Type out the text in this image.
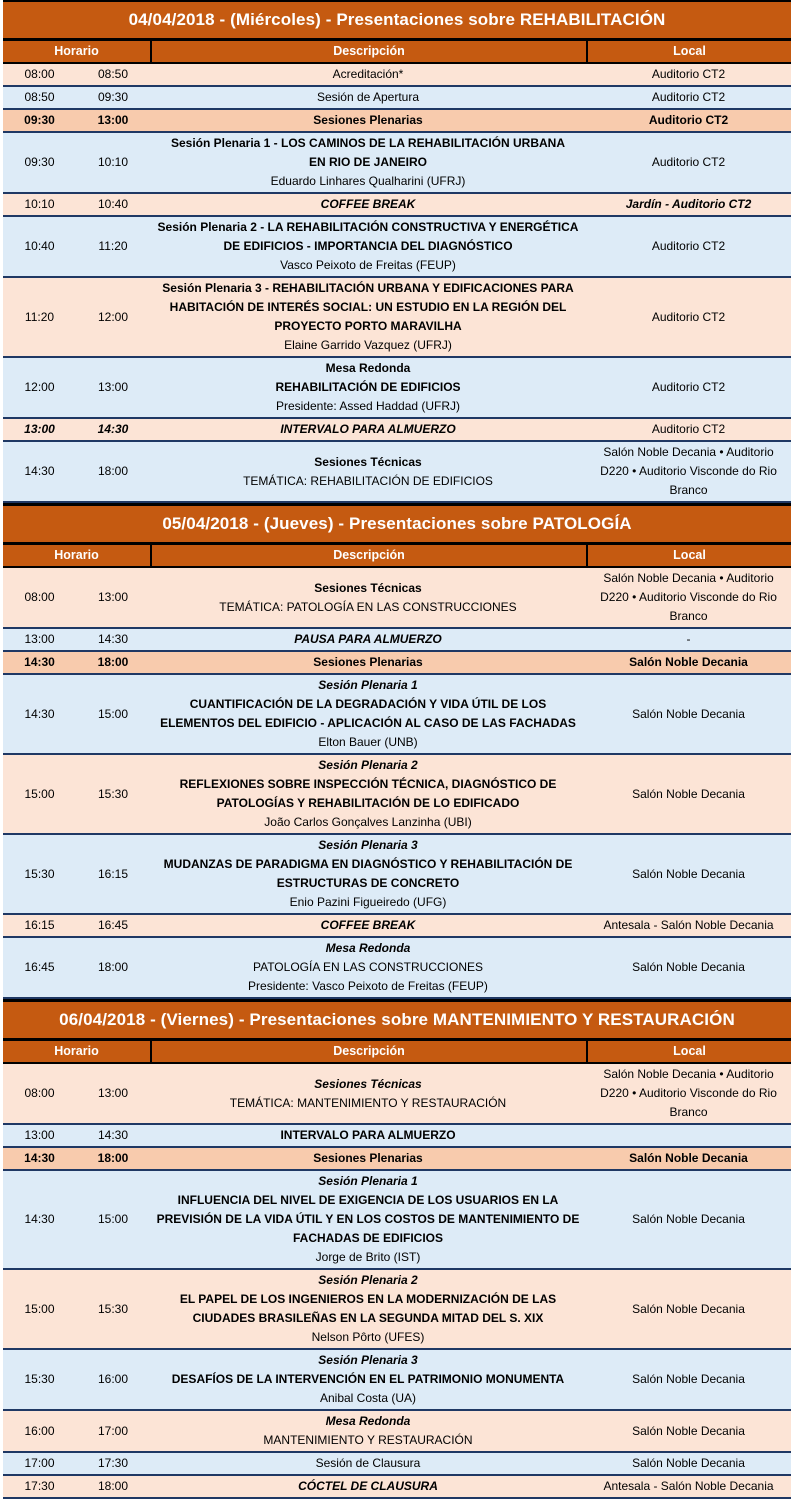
04/04/2018 - (Miércoles) - Presentaciones sobre REHABILITACIÓN
Horario	Descripción	Local
08:00	08:50	Acreditación*	Auditorio CT2
08:50	09:30	Sesión de Apertura	Auditorio CT2
09:30	13:00	Sesiones Plenarias	Auditorio CT2
09:30	10:10
Sesión Plenaria 1 - LOS CAMINOS DE LA REHABILITACIÓN URBANA
EN RIO DE JANEIRO
Eduardo Linhares Qualharini (UFRJ)
Auditorio CT2
10:10	10:40	COFFEE BREAK	Jardín - Auditorio CT2
10:40	11:20
Sesión Plenaria 2 - LA REHABILITACIÓN CONSTRUCTIVA Y ENERGÉTICA
DE EDIFICIOS - IMPORTANCIA DEL DIAGNÓSTICO
Vasco Peixoto de Freitas (FEUP)
Auditorio CT2
11:20	12:00
Sesión Plenaria 3 - REHABILITACIÓN URBANA Y EDIFICACIONES PARA
HABITACIÓN DE INTERÉS SOCIAL: UN ESTUDIO EN LA REGIÓN DEL
PROYECTO PORTO MARAVILHA
Elaine Garrido Vazquez (UFRJ)
Auditorio CT2
12:00	13:00
Mesa Redonda
REHABILITACIÓN DE EDIFICIOS
Presidente: Assed Haddad (UFRJ)
Auditorio CT2
13:00	14:30	INTERVALO PARA ALMUERZO	Auditorio CT2
14:30	18:00
Sesiones Técnicas
TEMÁTICA: REHABILITACIÓN DE EDIFICIOS
Salón Noble Decania • Auditorio D220 • Auditorio Visconde do Rio Branco
05/04/2018 - (Jueves) - Presentaciones sobre PATOLOGÍA
Horario	Descripción	Local
08:00	13:00
Sesiones Técnicas
TEMÁTICA: PATOLOGÍA EN LAS CONSTRUCCIONES
Salón Noble Decania • Auditorio D220 • Auditorio Visconde do Rio Branco
13:00	14:30	PAUSA PARA ALMUERZO	-
14:30	18:00	Sesiones Plenarias	Salón Noble Decania
14:30	15:00
Sesión Plenaria 1
CUANTIFICACIÓN DE LA DEGRADACIÓN Y VIDA ÚTIL DE LOS
ELEMENTOS DEL EDIFICIO - APLICACIÓN AL CASO DE LAS FACHADAS
Elton Bauer (UNB)
Salón Noble Decania
15:00	15:30
Sesión Plenaria 2
REFLEXIONES SOBRE INSPECCIÓN TÉCNICA, DIAGNÓSTICO DE
PATOLOGÍAS Y REHABILITACIÓN DE LO EDIFICADO
João Carlos Gonçalves Lanzinha (UBI)
Salón Noble Decania
15:30	16:15
Sesión Plenaria 3
MUDANZAS DE PARADIGMA EN DIAGNÓSTICO Y REHABILITACIÓN DE
ESTRUCTURAS DE CONCRETO
Enio Pazini Figueiredo (UFG)
Salón Noble Decania
16:15	16:45	COFFEE BREAK	Antesala - Salón Noble Decania
16:45	18:00
Mesa Redonda
PATOLOGÍA EN LAS CONSTRUCCIONES
Presidente: Vasco Peixoto de Freitas (FEUP)
Salón Noble Decania
06/04/2018 - (Viernes) - Presentaciones sobre MANTENIMIENTO Y RESTAURACIÓN
Horario	Descripción	Local
08:00	13:00
Sesiones Técnicas
TEMÁTICA: MANTENIMIENTO Y RESTAURACIÓN
Salón Noble Decania • Auditorio D220 • Auditorio Visconde do Rio Branco
13:00	14:30	INTERVALO PARA ALMUERZO
14:30	18:00	Sesiones Plenarias	Salón Noble Decania
14:30	15:00
Sesión Plenaria 1
INFLUENCIA DEL NIVEL DE EXIGENCIA DE LOS USUARIOS EN LA
PREVISIÓN DE LA VIDA ÚTIL Y EN LOS COSTOS DE MANTENIMIENTO DE
FACHADAS DE EDIFICIOS
Jorge de Brito (IST)
Salón Noble Decania
15:00	15:30
Sesión Plenaria 2
EL PAPEL DE LOS INGENIEROS EN LA MODERNIZACIÓN DE LAS
CIUDADES BRASILEÑAS EN LA SEGUNDA MITAD DEL S. XIX
Nelson Pôrto (UFES)
Salón Noble Decania
15:30	16:00
Sesión Plenaria 3
DESAFÍOS DE LA INTERVENCIÓN EN EL PATRIMONIO MONUMENTA
Anibal Costa (UA)
Salón Noble Decania
16:00	17:00
Mesa Redonda
MANTENIMIENTO Y RESTAURACIÓN
Salón Noble Decania
17:00	17:30	Sesión de Clausura	Salón Noble Decania
17:30	18:00	CÓCTEL DE CLAUSURA	Antesala - Salón Noble Decania
